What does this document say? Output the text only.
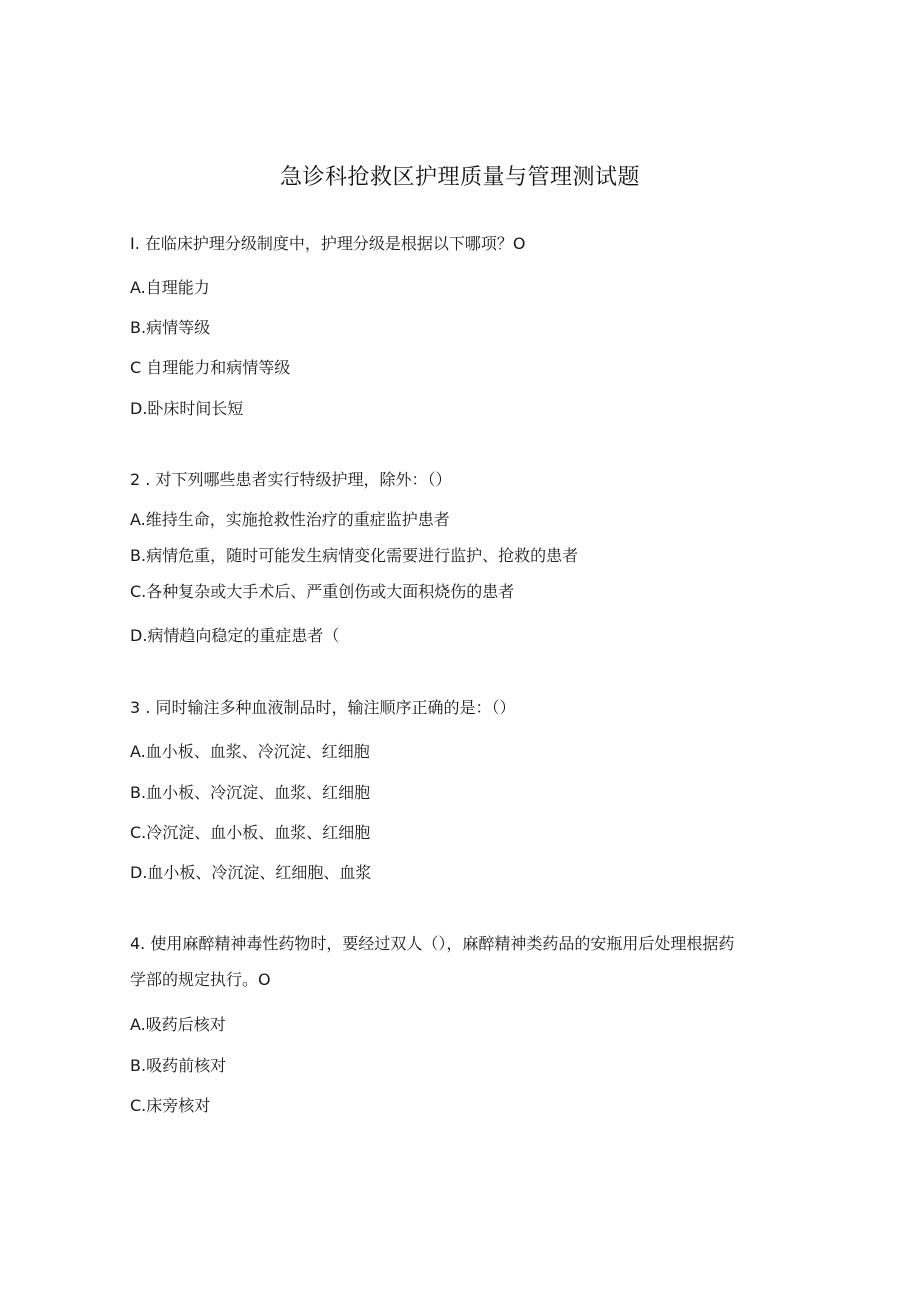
急诊科抢救区护理质量与管理测试题
I. 在临床护理分级制度中，护理分级是根据以下哪项？O
A.自理能力
B.病情等级
C 自理能力和病情等级
D.卧床时间长短
2 . 对下列哪些患者实行特级护理，除外：（）
A.维持生命，实施抢救性治疗的重症监护患者
B.病情危重，随时可能发生病情变化需要进行监护、抢救的患者
C.各种复杂或大手术后、严重创伤或大面积烧伤的患者
D.病情趋向稳定的重症患者（
3 . 同时输注多种血液制品时，输注顺序正确的是：（）
A.血小板、血浆、冷沉淀、红细胞
B.血小板、冷沉淀、血浆、红细胞
C.冷沉淀、血小板、血浆、红细胞
D.血小板、冷沉淀、红细胞、血浆
4. 使用麻醉精神毒性药物时，要经过双人（），麻醉精神类药品的安瓶用后处理根据药
学部的规定执行。O
A.吸药后核对
B.吸药前核对
C.床旁核对
